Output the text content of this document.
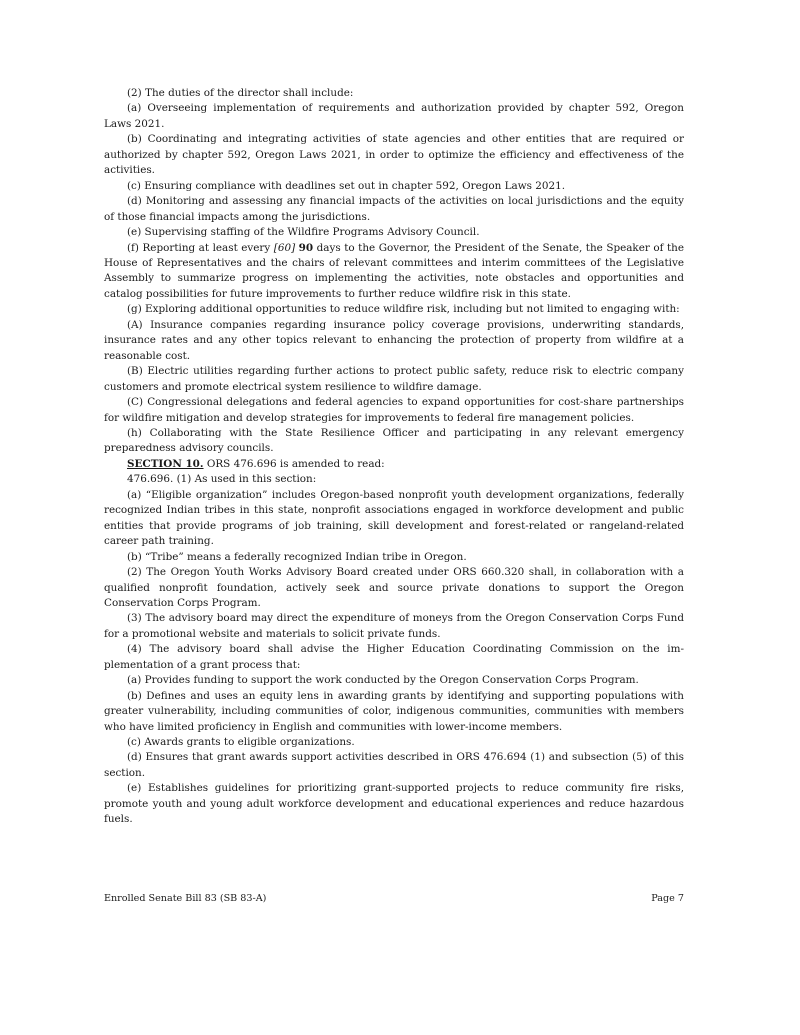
(2) The duties of the director shall include:

(a) Overseeing implementation of requirements and authorization provided by chapter 592, Oregon Laws 2021.

(b) Coordinating and integrating activities of state agencies and other entities that are required or authorized by chapter 592, Oregon Laws 2021, in order to optimize the efficiency and effectiveness of the activities.

(c) Ensuring compliance with deadlines set out in chapter 592, Oregon Laws 2021.

(d) Monitoring and assessing any financial impacts of the activities on local jurisdictions and the equity of those financial impacts among the jurisdictions.

(e) Supervising staffing of the Wildfire Programs Advisory Council.

(f) Reporting at least every [60] 90 days to the Governor, the President of the Senate, the Speaker of the House of Representatives and the chairs of relevant committees and interim committees of the Legislative Assembly to summarize progress on implementing the activities, note obstacles and opportunities and catalog possibilities for future improvements to further reduce wildfire risk in this state.

(g) Exploring additional opportunities to reduce wildfire risk, including but not limited to engaging with:

(A) Insurance companies regarding insurance policy coverage provisions, underwriting standards, insurance rates and any other topics relevant to enhancing the protection of property from wildfire at a reasonable cost.

(B) Electric utilities regarding further actions to protect public safety, reduce risk to electric company customers and promote electrical system resilience to wildfire damage.

(C) Congressional delegations and federal agencies to expand opportunities for cost-share partnerships for wildfire mitigation and develop strategies for improvements to federal fire management policies.

(h) Collaborating with the State Resilience Officer and participating in any relevant emergency preparedness advisory councils.

SECTION 10. ORS 476.696 is amended to read:

476.696. (1) As used in this section:

(a) “Eligible organization” includes Oregon-based nonprofit youth development organizations, federally recognized Indian tribes in this state, nonprofit associations engaged in workforce development and public entities that provide programs of job training, skill development and forest-related or rangeland-related career path training.

(b) “Tribe” means a federally recognized Indian tribe in Oregon.

(2) The Oregon Youth Works Advisory Board created under ORS 660.320 shall, in collaboration with a qualified nonprofit foundation, actively seek and source private donations to support the Oregon Conservation Corps Program.

(3) The advisory board may direct the expenditure of moneys from the Oregon Conservation Corps Fund for a promotional website and materials to solicit private funds.

(4) The advisory board shall advise the Higher Education Coordinating Commission on the implementation of a grant process that:

(a) Provides funding to support the work conducted by the Oregon Conservation Corps Program.

(b) Defines and uses an equity lens in awarding grants by identifying and supporting populations with greater vulnerability, including communities of color, indigenous communities, communities with members who have limited proficiency in English and communities with lower-income members.

(c) Awards grants to eligible organizations.

(d) Ensures that grant awards support activities described in ORS 476.694 (1) and subsection (5) of this section.

(e) Establishes guidelines for prioritizing grant-supported projects to reduce community fire risks, promote youth and young adult workforce development and educational experiences and reduce hazardous fuels.

Enrolled Senate Bill 83 (SB 83-A)	Page 7
